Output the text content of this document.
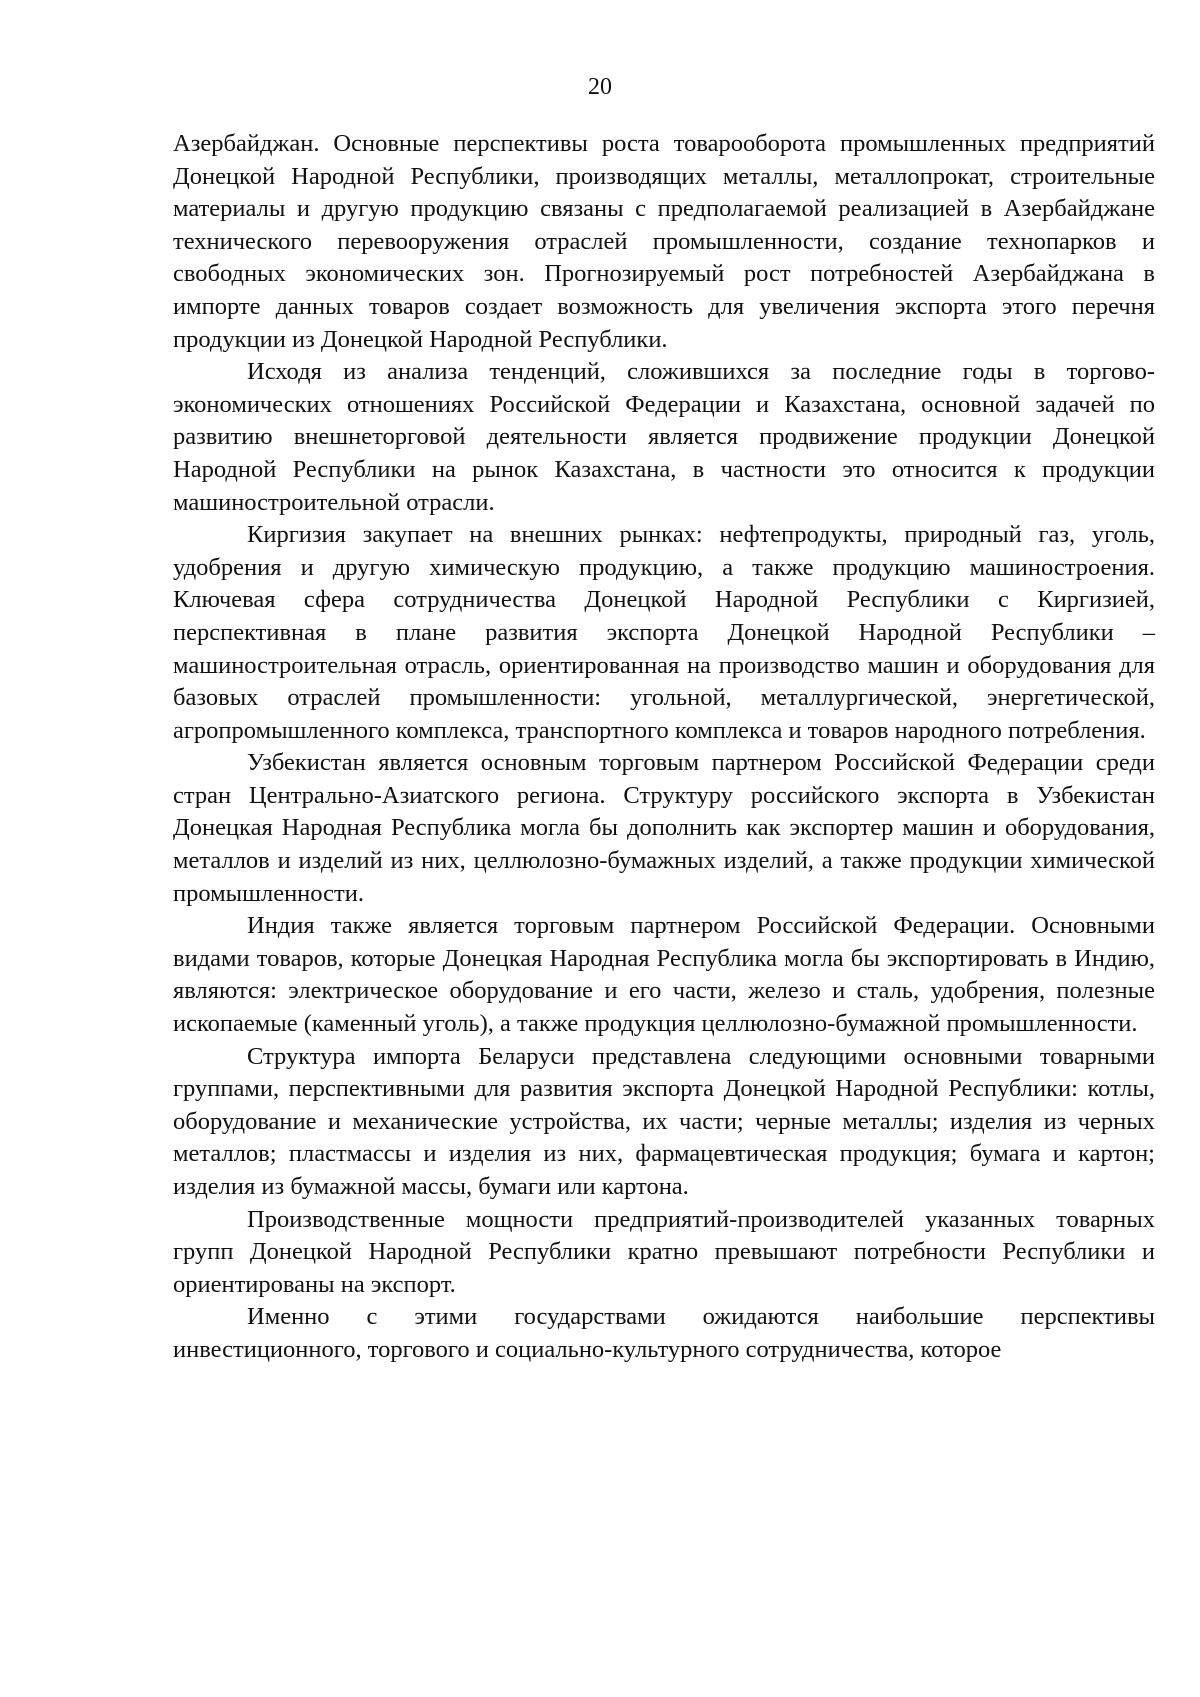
20

Азербайджан. Основные перспективы роста товарооборота промышленных предприятий Донецкой Народной Республики, производящих металлы, металлопрокат, строительные материалы и другую продукцию связаны с предполагаемой реализацией в Азербайджане технического перевооружения отраслей промышленности, создание технопарков и свободных экономических зон. Прогнозируемый рост потребностей Азербайджана в импорте данных товаров создает возможность для увеличения экспорта этого перечня продукции из Донецкой Народной Республики.

Исходя из анализа тенденций, сложившихся за последние годы в торгово-экономических отношениях Российской Федерации и Казахстана, основной задачей по развитию внешнеторговой деятельности является продвижение продукции Донецкой Народной Республики на рынок Казахстана, в частности это относится к продукции машиностроительной отрасли.

Киргизия закупает на внешних рынках: нефтепродукты, природный газ, уголь, удобрения и другую химическую продукцию, а также продукцию машиностроения. Ключевая сфера сотрудничества Донецкой Народной Республики с Киргизией, перспективная в плане развития экспорта Донецкой Народной Республики – машиностроительная отрасль, ориентированная на производство машин и оборудования для базовых отраслей промышленности: угольной, металлургической, энергетической, агропромышленного комплекса, транспортного комплекса и товаров народного потребления.

Узбекистан является основным торговым партнером Российской Федерации среди стран Центрально-Азиатского региона. Структуру российского экспорта в Узбекистан Донецкая Народная Республика могла бы дополнить как экспортер машин и оборудования, металлов и изделий из них, целлюлозно-бумажных изделий, а также продукции химической промышленности.

Индия также является торговым партнером Российской Федерации. Основными видами товаров, которые Донецкая Народная Республика могла бы экспортировать в Индию, являются: электрическое оборудование и его части, железо и сталь, удобрения, полезные ископаемые (каменный уголь), а также продукция целлюлозно-бумажной промышленности.

Структура импорта Беларуси представлена следующими основными товарными группами, перспективными для развития экспорта Донецкой Народной Республики: котлы, оборудование и механические устройства, их части; черные металлы; изделия из черных металлов; пластмассы и изделия из них, фармацевтическая продукция; бумага и картон; изделия из бумажной массы, бумаги или картона.

Производственные мощности предприятий-производителей указанных товарных групп Донецкой Народной Республики кратно превышают потребности Республики и ориентированы на экспорт.

Именно с этими государствами ожидаются наибольшие перспективы инвестиционного, торгового и социально-культурного сотрудничества, которое
